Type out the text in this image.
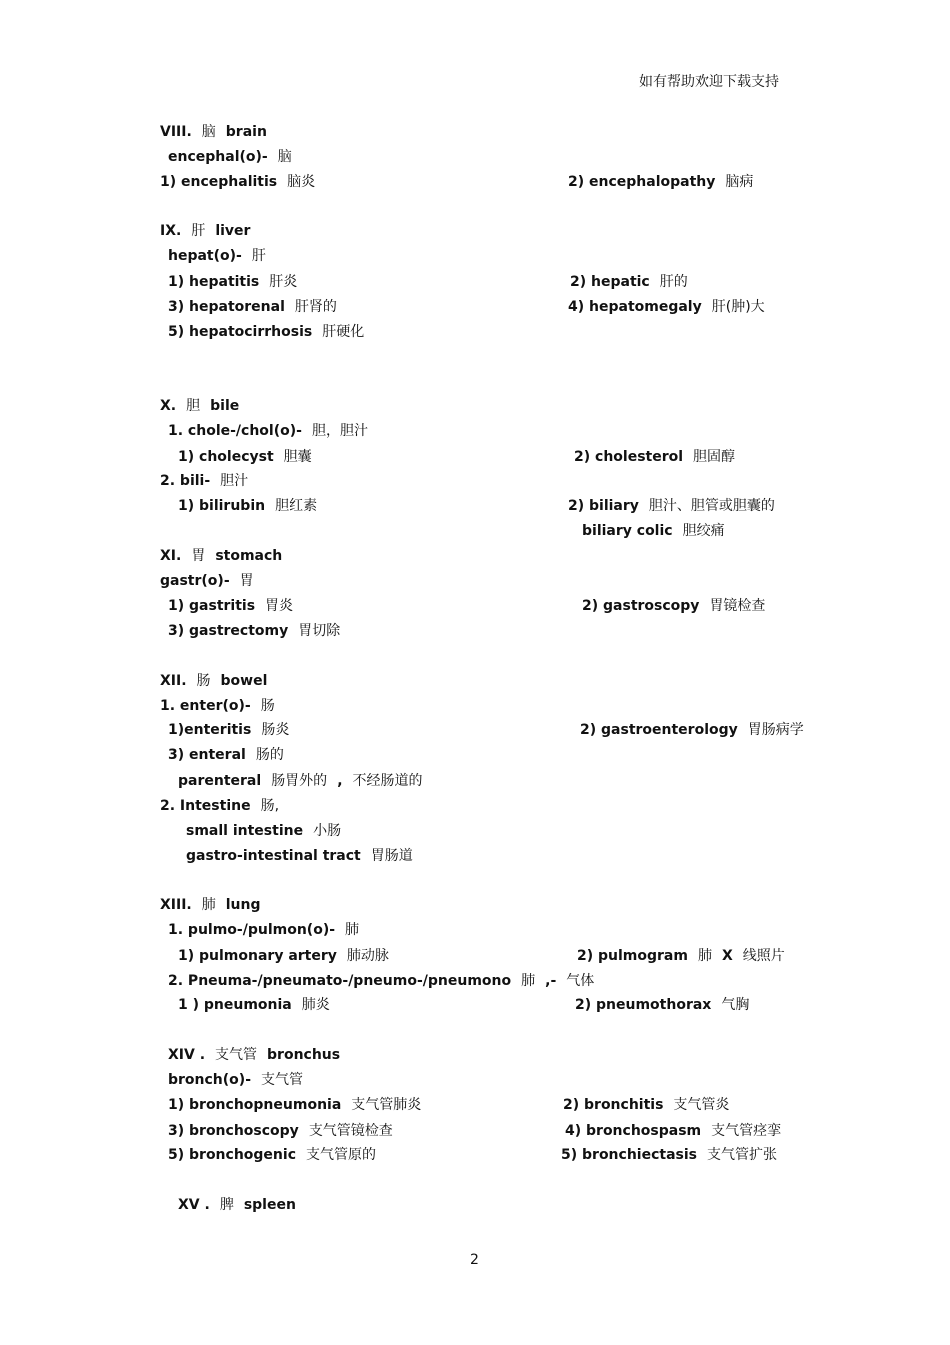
如有帮助欢迎下载支持
VIII. 脑 brain
encephal(o)- 脑
1) encephalitis 脑炎	2) encephalopathy 脑病
IX. 肝 liver
hepat(o)- 肝
1) hepatitis 肝炎	2) hepatic 肝的
3) hepatorenal 肝肾的	4) hepatomegaly 肝(肿)大
5) hepatocirrhosis 肝硬化
X. 胆 bile
1. chole-/chol(o)- 胆，胆汁
1) cholecyst 胆囊	2) cholesterol 胆固醇
2. bili- 胆汁
1) bilirubin 胆红素	2) biliary 胆汁、胆管或胆囊的
biliary colic 胆绞痛
XI. 胃 stomach
gastr(o)- 胃
1) gastritis 胃炎	2) gastroscopy 胃镜检查
3) gastrectomy 胃切除
XII. 肠 bowel
1. enter(o)- 肠
1)enteritis 肠炎	2) gastroenterology 胃肠病学
3) enteral 肠的
parenteral 肠胃外的 , 不经肠道的
2. Intestine 肠,
small intestine 小肠
gastro-intestinal tract 胃肠道
XIII. 肺 lung
1. pulmo-/pulmon(o)- 肺
1) pulmonary artery 肺动脉	2) pulmogram 肺 X 线照片
2. Pneuma-/pneumato-/pneumo-/pneumono 肺 ,- 气体
1 ) pneumonia 肺炎	2) pneumothorax 气胸
XIV . 支气管 bronchus
bronch(o)- 支气管
1) bronchopneumonia 支气管肺炎	2) bronchitis 支气管炎
3) bronchoscopy 支气管镜检查	4) bronchospasm 支气管痉挛
5) bronchogenic 支气管原的	5) bronchiectasis 支气管扩张
XV . 脾 spleen
2
